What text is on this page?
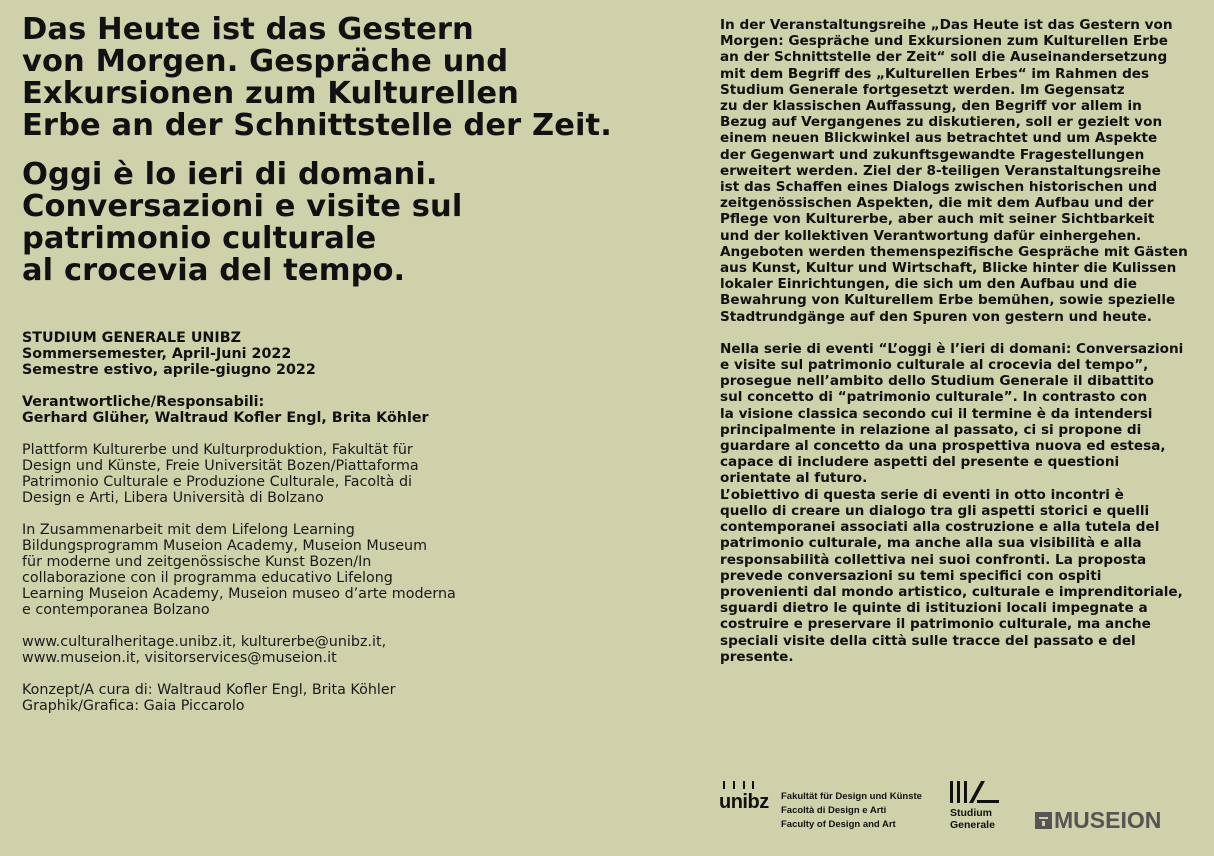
Das Heute ist das Gestern
von Morgen. Gespräche und
Exkursionen zum Kulturellen
Erbe an der Schnittstelle der Zeit.
Oggi è lo ieri di domani.
Conversazioni e visite sul
patrimonio culturale
al crocevia del tempo.
STUDIUM GENERALE UNIBZ
Sommersemester, April-Juni 2022
Semestre estivo, aprile-giugno 2022
Verantwortliche/Responsabili:
Gerhard Glüher, Waltraud Kofler Engl, Brita Köhler
Plattform Kulturerbe und Kulturproduktion, Fakultät für
Design und Künste, Freie Universität Bozen/Piattaforma
Patrimonio Culturale e Produzione Culturale, Facoltà di
Design e Arti, Libera Università di Bolzano
In Zusammenarbeit mit dem Lifelong Learning
Bildungsprogramm Museion Academy, Museion Museum
für moderne und zeitgenössische Kunst Bozen/In
collaborazione con il programma educativo Lifelong
Learning Museion Academy, Museion museo d’arte moderna
e contemporanea Bolzano
www.culturalheritage.unibz.it, kulturerbe@unibz.it,
www.museion.it, visitorservices@museion.it
Konzept/A cura di: Waltraud Kofler Engl, Brita Köhler
Graphik/Grafica: Gaia Piccarolo

In der Veranstaltungsreihe „Das Heute ist das Gestern von
Morgen: Gespräche und Exkursionen zum Kulturellen Erbe
an der Schnittstelle der Zeit“ soll die Auseinandersetzung
mit dem Begriff des „Kulturellen Erbes“ im Rahmen des
Studium Generale fortgesetzt werden. Im Gegensatz
zu der klassischen Auffassung, den Begriff vor allem in
Bezug auf Vergangenes zu diskutieren, soll er gezielt von
einem neuen Blickwinkel aus betrachtet und um Aspekte
der Gegenwart und zukunftsgewandte Fragestellungen
erweitert werden. Ziel der 8-teiligen Veranstaltungsreihe
ist das Schaffen eines Dialogs zwischen historischen und
zeitgenössischen Aspekten, die mit dem Aufbau und der
Pflege von Kulturerbe, aber auch mit seiner Sichtbarkeit
und der kollektiven Verantwortung dafür einhergehen.
Angeboten werden themenspezifische Gespräche mit Gästen
aus Kunst, Kultur und Wirtschaft, Blicke hinter die Kulissen
lokaler Einrichtungen, die sich um den Aufbau und die
Bewahrung von Kulturellem Erbe bemühen, sowie spezielle
Stadtrundgänge auf den Spuren von gestern und heute.

Nella serie di eventi “L’oggi è l’ieri di domani: Conversazioni
e visite sul patrimonio culturale al crocevia del tempo”,
prosegue nell’ambito dello Studium Generale il dibattito
sul concetto di “patrimonio culturale”. In contrasto con
la visione classica secondo cui il termine è da intendersi
principalmente in relazione al passato, ci si propone di
guardare al concetto da una prospettiva nuova ed estesa,
capace di includere aspetti del presente e questioni
orientate al futuro.
L’obiettivo di questa serie di eventi in otto incontri è
quello di creare un dialogo tra gli aspetti storici e quelli
contemporanei associati alla costruzione e alla tutela del
patrimonio culturale, ma anche alla sua visibilità e alla
responsabilità collettiva nei suoi confronti. La proposta
prevede conversazioni su temi specifici con ospiti
provenienti dal mondo artistico, culturale e imprenditoriale,
sguardi dietro le quinte di istituzioni locali impegnate a
costruire e preservare il patrimonio culturale, ma anche
speciali visite della città sulle tracce del passato e del
presente.

unibz Fakultät für Design und Künste
Facoltà di Design e Arti
Faculty of Design and Art
Studium
Generale	MUSEION
